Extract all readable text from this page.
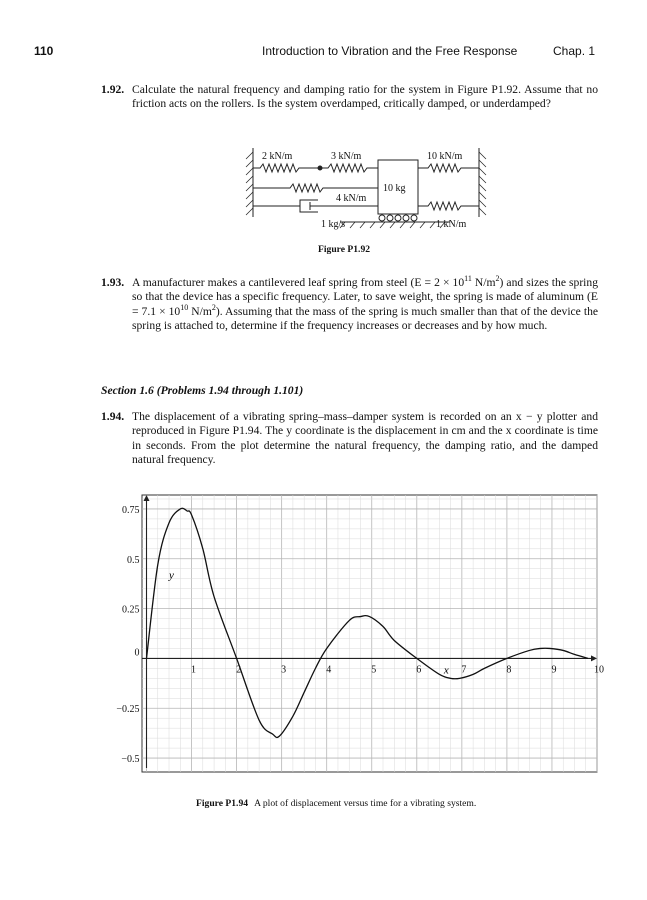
110	Introduction to Vibration and the Free Response	Chap. 1
1.92. Calculate the natural frequency and damping ratio for the system in Figure P1.92. Assume that no friction acts on the rollers. Is the system overdamped, critically damped, or underdamped?
2 kN/m	3 kN/m	10 kN/m
4 kN/m
10 kg
1 kg/s	1 kN/m
Figure P1.92
1.93. A manufacturer makes a cantilevered leaf spring from steel ($E = 2 \times 10^{11}$ $N/m^2$) and sizes the spring so that the device has a specific frequency. Later, to save weight, the spring is made of aluminum ($E = 7.1 \times 10^{10}$ $N/m^2$). Assuming that the mass of the spring is much smaller than that of the device the spring is attached to, determine if the frequency increases or decreases and by how much.
Section 1.6 (Problems 1.94 through 1.101)
1.94. The displacement of a vibrating spring–mass–damper system is recorded on an x − y plotter and reproduced in Figure P1.94. The y coordinate is the displacement in cm and the x coordinate is time in seconds. From the plot determine the natural frequency, the damping ratio, and the damped natural frequency.
1	2	3	4	5	6	7	8	9	10
0.75
0.5
0.25
0
−0.25
−0.5
x
y
Figure P1.94 A plot of displacement versus time for a vibrating system.
